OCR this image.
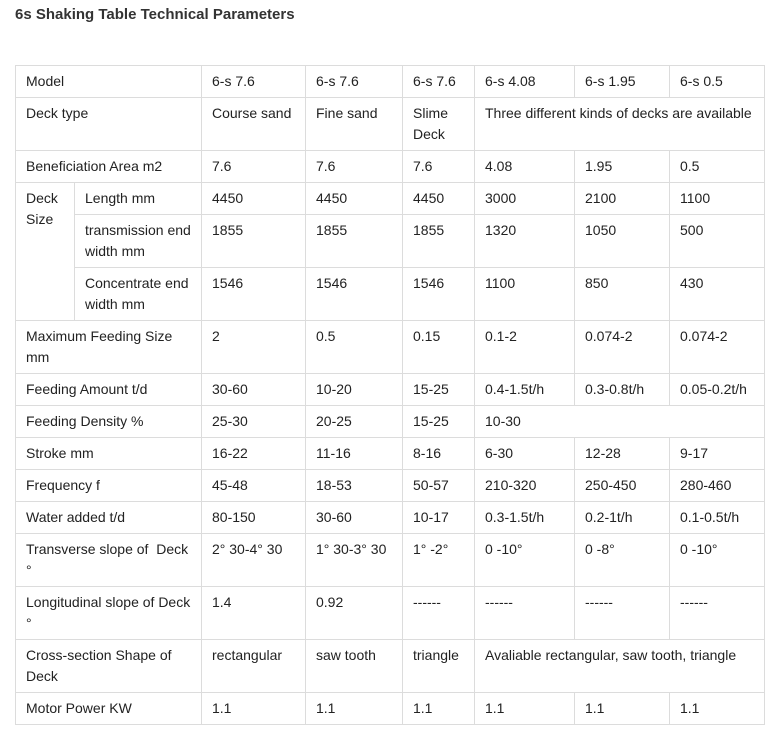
6s Shaking Table Technical Parameters
Model		6-s 7.6	6-s 7.6	6-s 7.6	6-s 4.08	6-s 1.95	6-s 0.5
Deck type		Course sand	Fine sand	Slime Deck	Three different kinds of decks are available		
Beneficiation Area m2		7.6	7.6	7.6	4.08	1.95	0.5
Deck Size	Length mm	4450	4450	4450	3000	2100	1100
	transmission end width mm	1855	1855	1855	1320	1050	500
	Concentrate end width mm	1546	1546	1546	1100	850	430
Maximum Feeding Size mm		2	0.5	0.15	0.1-2	0.074-2	0.074-2
Feeding Amount t/d		30-60	10-20	15-25	0.4-1.5t/h	0.3-0.8t/h	0.05-0.2t/h
Feeding Density %		25-30	20-25	15-25	10-30		
Stroke mm		16-22	11-16	8-16	6-30	12-28	9-17
Frequency f		45-48	18-53	50-57	210-320	250-450	280-460
Water added t/d		80-150	30-60	10-17	0.3-1.5t/h	0.2-1t/h	0.1-0.5t/h
Transverse slope of  Deck °		2° 30-4° 30	1° 30-3° 30	1° -2°	0 -10°	0 -8°	0 -10°
Longitudinal slope of Deck °		1.4	0.92	------	------	------	------
Cross-section Shape of Deck		rectangular	saw tooth	triangle	Avaliable rectangular, saw tooth, triangle		
Motor Power KW		1.1	1.1	1.1	1.1	1.1	1.1
